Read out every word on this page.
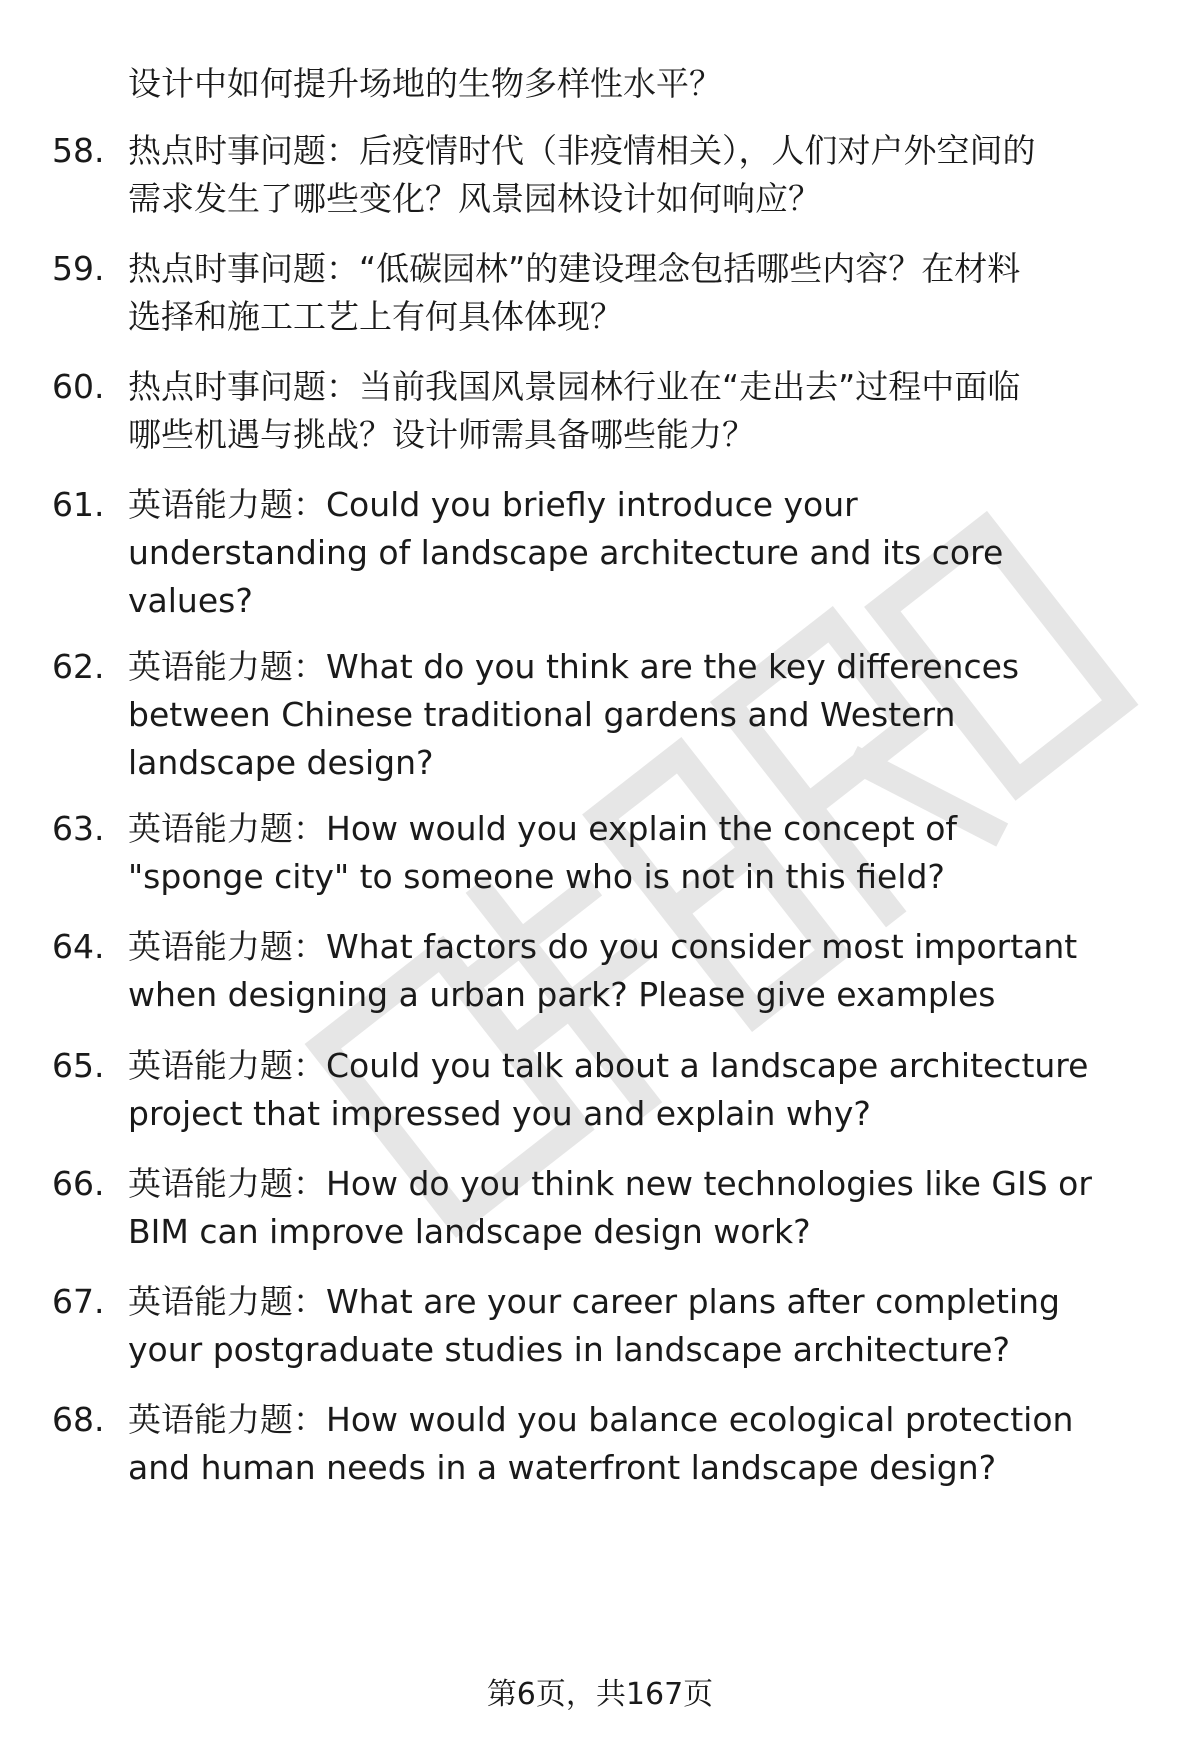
设计中如何提升场地的生物多样性水平？
58. 热点时事问题：后疫情时代（非疫情相关），人们对户外空间的
需求发生了哪些变化？风景园林设计如何响应？
59. 热点时事问题：“低碳园林”的建设理念包括哪些内容？在材料
选择和施工工艺上有何具体体现？
60. 热点时事问题：当前我国风景园林行业在“走出去”过程中面临
哪些机遇与挑战？设计师需具备哪些能力？
61. 英语能力题：Could you briefly introduce your
understanding of landscape architecture and its core
values?
62. 英语能力题：What do you think are the key differences
between Chinese traditional gardens and Western
landscape design?
63. 英语能力题：How would you explain the concept of
"sponge city" to someone who is not in this field?
64. 英语能力题：What factors do you consider most important
when designing a urban park? Please give examples
65. 英语能力题：Could you talk about a landscape architecture
project that impressed you and explain why?
66. 英语能力题：How do you think new technologies like GIS or
BIM can improve landscape design work?
67. 英语能力题：What are your career plans after completing
your postgraduate studies in landscape architecture?
68. 英语能力题：How would you balance ecological protection
and human needs in a waterfront landscape design?
第6页，共167页
